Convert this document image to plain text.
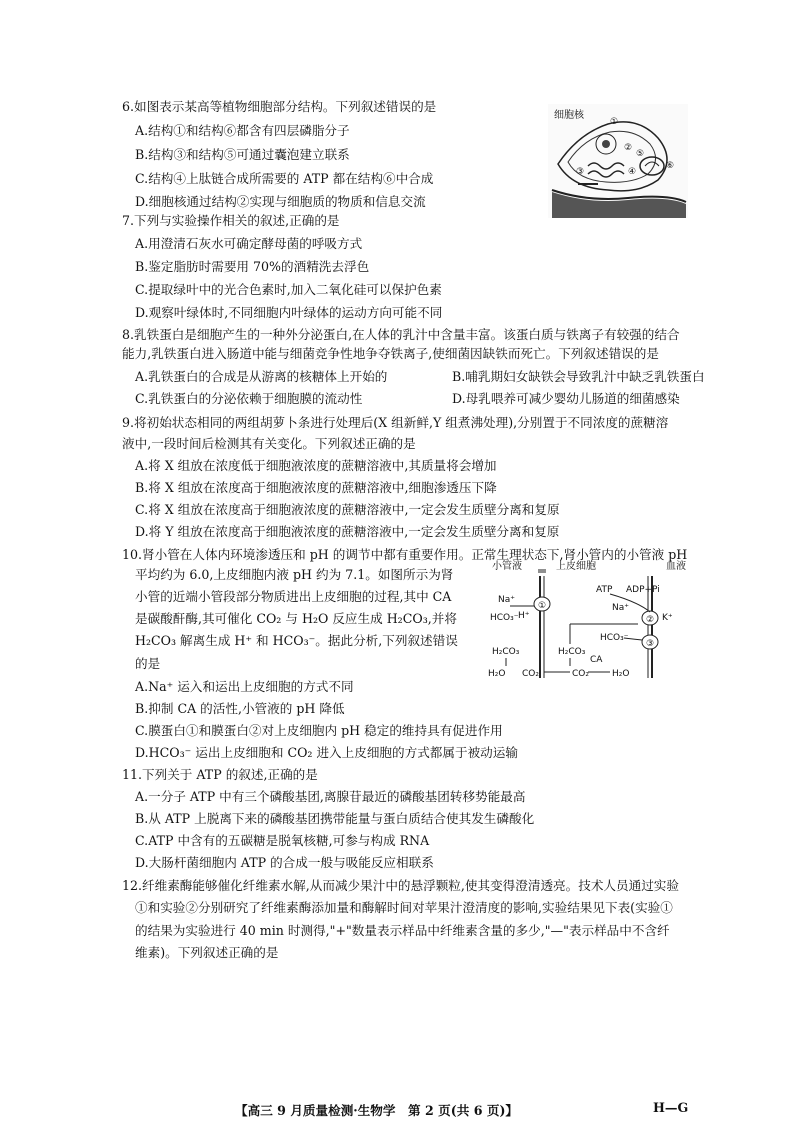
6.如图表示某高等植物细胞部分结构。下列叙述错误的是
A.结构①和结构⑥都含有四层磷脂分子
B.结构③和结构⑤可通过囊泡建立联系
C.结构④上肽链合成所需要的 ATP 都在结构⑥中合成
D.细胞核通过结构②实现与细胞质的物质和信息交流
细胞核
①
②
③	④
⑤
⑥
7.下列与实验操作相关的叙述,正确的是
A.用澄清石灰水可确定酵母菌的呼吸方式
B.鉴定脂肪时需要用 70%的酒精洗去浮色
C.提取绿叶中的光合色素时,加入二氧化硅可以保护色素
D.观察叶绿体时,不同细胞内叶绿体的运动方向可能不同
8.乳铁蛋白是细胞产生的一种外分泌蛋白,在人体的乳汁中含量丰富。该蛋白质与铁离子有较强的结合
能力,乳铁蛋白进入肠道中能与细菌竞争性地争夺铁离子,使细菌因缺铁而死亡。下列叙述错误的是
A.乳铁蛋白的合成是从游离的核糖体上开始的	B.哺乳期妇女缺铁会导致乳汁中缺乏乳铁蛋白
C.乳铁蛋白的分泌依赖于细胞膜的流动性	D.母乳喂养可减少婴幼儿肠道的细菌感染
9.将初始状态相同的两组胡萝卜条进行处理后(X 组新鲜,Y 组煮沸处理),分别置于不同浓度的蔗糖溶
液中,一段时间后检测其有关变化。下列叙述正确的是
A.将 X 组放在浓度低于细胞液浓度的蔗糖溶液中,其质量将会增加
B.将 X 组放在浓度高于细胞液浓度的蔗糖溶液中,细胞渗透压下降
C.将 X 组放在浓度高于细胞液浓度的蔗糖溶液中,一定会发生质壁分离和复原
D.将 Y 组放在浓度高于细胞液浓度的蔗糖溶液中,一定会发生质壁分离和复原
10.肾小管在人体内环境渗透压和 pH 的调节中都有重要作用。正常生理状态下,肾小管内的小管液 pH
平均约为 6.0,上皮细胞内液 pH 约为 7.1。如图所示为肾
小管的近端小管段部分物质进出上皮细胞的过程,其中 CA
是碳酸酐酶,其可催化 CO₂ 与 H₂O 反应生成 H₂CO₃,并将
H₂CO₃ 解离生成 H⁺ 和 HCO₃⁻。据此分析,下列叙述错误
的是
A.Na⁺ 运入和运出上皮细胞的方式不同
B.抑制 CA 的活性,小管液的 pH 降低
C.膜蛋白①和膜蛋白②对上皮细胞内 pH 稳定的维持具有促进作用
D.HCO₃⁻ 运出上皮细胞和 CO₂ 进入上皮细胞的方式都属于被动运输
小管液	上皮细胞	血液
①
②
③
ATP ADP+Pi
Na⁺
Na⁺
K⁺
HCO₃⁻ H⁺
HCO₃⁻
H₂CO₃	H₂CO₃
CA
H₂O CO₂	CO₂	H₂O
11.下列关于 ATP 的叙述,正确的是
A.一分子 ATP 中有三个磷酸基团,离腺苷最近的磷酸基团转移势能最高
B.从 ATP 上脱离下来的磷酸基团携带能量与蛋白质结合使其发生磷酸化
C.ATP 中含有的五碳糖是脱氧核糖,可参与构成 RNA
D.大肠杆菌细胞内 ATP 的合成一般与吸能反应相联系
12.纤维素酶能够催化纤维素水解,从而减少果汁中的悬浮颗粒,使其变得澄清透亮。技术人员通过实验
①和实验②分别研究了纤维素酶添加量和酶解时间对苹果汁澄清度的影响,实验结果见下表(实验①
的结果为实验进行 40 min 时测得,"+"数量表示样品中纤维素含量的多少,"—"表示样品中不含纤
维素)。下列叙述正确的是
【高三 9 月质量检测·生物学　第 2 页(共 6 页)】	H—G
